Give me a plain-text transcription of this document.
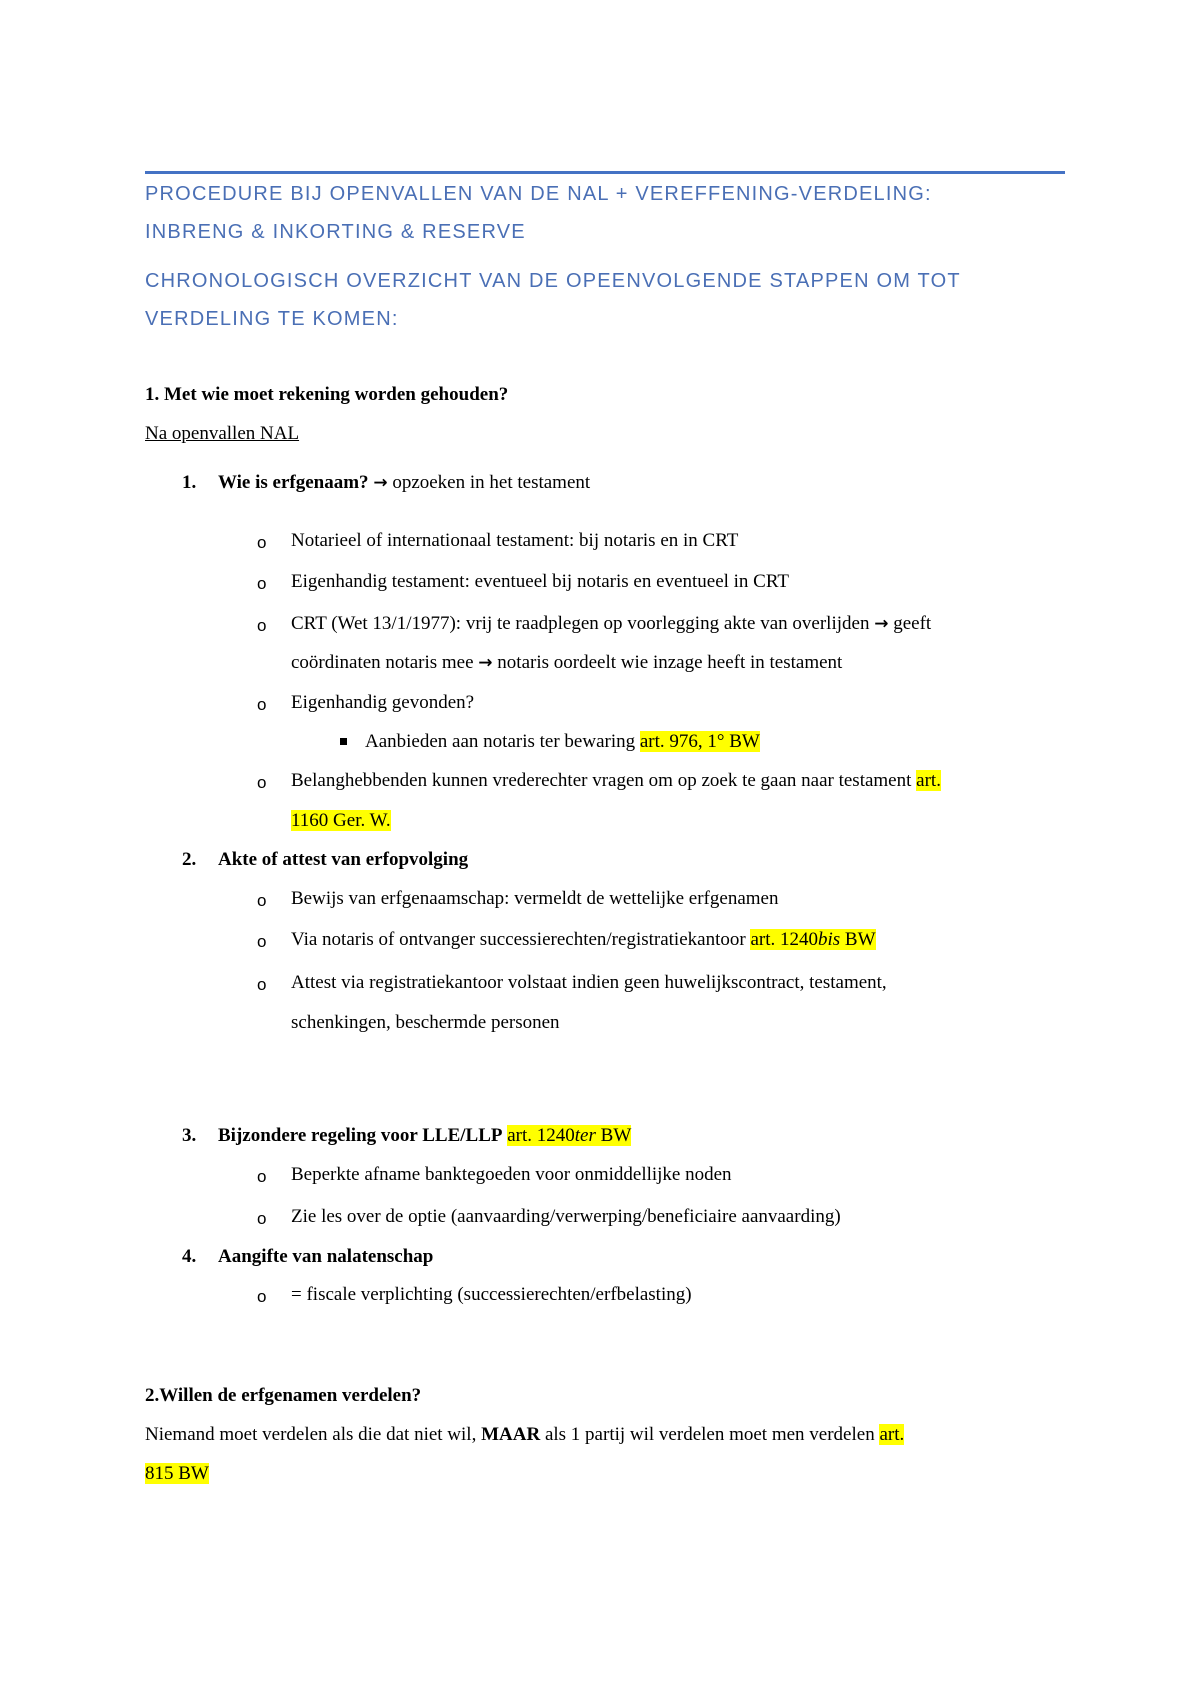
PROCEDURE BIJ OPENVALLEN VAN DE NAL + VEREFFENING-VERDELING:
INBRENG & INKORTING & RESERVE
CHRONOLOGISCH OVERZICHT VAN DE OPEENVOLGENDE STAPPEN OM TOT
VERDELING TE KOMEN:

1. Met wie moet rekening worden gehouden?

Na openvallen NAL

1. Wie is erfgenaam? → opzoeken in het testament

o Notarieel of internationaal testament: bij notaris en in CRT

o Eigenhandig testament: eventueel bij notaris en eventueel in CRT

o CRT (Wet 13/1/1977): vrij te raadplegen op voorlegging akte van overlijden → geeft

coördinaten notaris mee → notaris oordeelt wie inzage heeft in testament

o Eigenhandig gevonden?

Aanbieden aan notaris ter bewaring art. 976, 1° BW

o Belanghebbenden kunnen vrederechter vragen om op zoek te gaan naar testament art.

1160 Ger. W.

2. Akte of attest van erfopvolging

o Bewijs van erfgenaamschap: vermeldt de wettelijke erfgenamen

o Via notaris of ontvanger successierechten/registratiekantoor art. 1240bis BW

o Attest via registratiekantoor volstaat indien geen huwelijkscontract, testament,

schenkingen, beschermde personen

3. Bijzondere regeling voor LLE/LLP art. 1240ter BW

o Beperkte afname banktegoeden voor onmiddellijke noden

o Zie les over de optie (aanvaarding/verwerping/beneficiaire aanvaarding)

4. Aangifte van nalatenschap

o = fiscale verplichting (successierechten/erfbelasting)

2.Willen de erfgenamen verdelen?

Niemand moet verdelen als die dat niet wil, MAAR als 1 partij wil verdelen moet men verdelen art.

815 BW
